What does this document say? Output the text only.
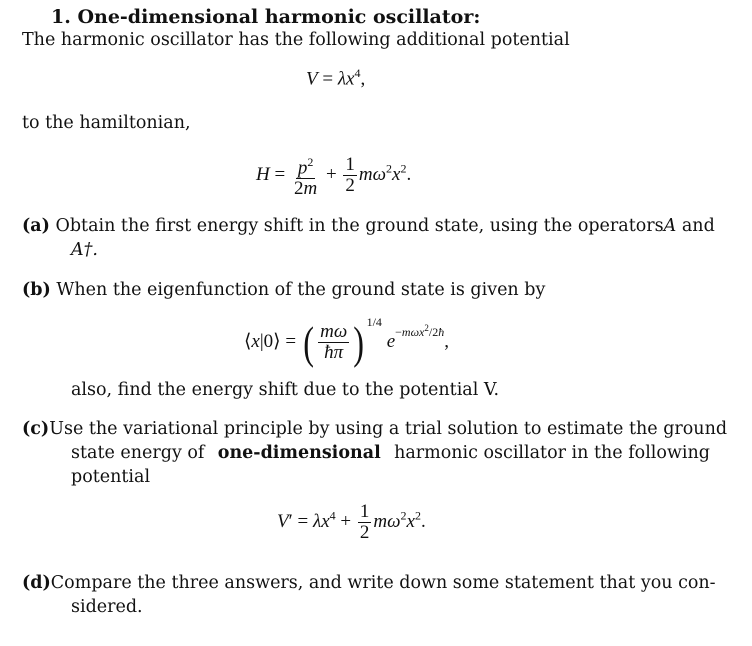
1. One-dimensional harmonic oscillator:
The harmonic oscillator has the following additional potential
$V = \lambda x^4$,
to the hamiltonian,
$H = \frac{p^2}{2m} + \frac{1}{2} m\omega^2x^2$.
(a) Obtain the first energy shift in the ground state, using the operators A and
A†.
(b) When the eigenfunction of the ground state is given by
⟨x|0⟩ = ( $\frac{m\omega}{ħ\pi}$ ) $^{1/4}$ $e^{-m\omega x^2/2ħ}$,
also, find the energy shift due to the potential V.
(c) Use the variational principle by using a trial solution to estimate the ground
state energy of one-dimensional harmonic oscillator in the following
potential
$V' = \lambda x^4 + \frac{1}{2} m\omega^2x^2$.
(d) Compare the three answers, and write down some statement that you con-
sidered.
